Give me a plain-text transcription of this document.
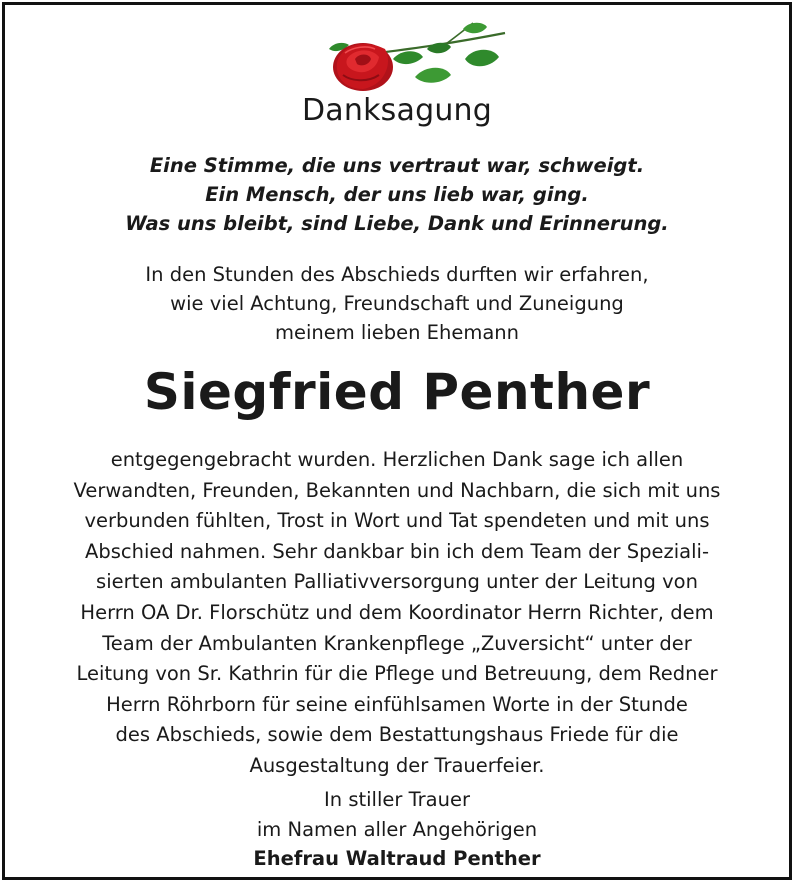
Danksagung
Eine Stimme, die uns vertraut war, schweigt.
Ein Mensch, der uns lieb war, ging.
Was uns bleibt, sind Liebe, Dank und Erinnerung.
In den Stunden des Abschieds durften wir erfahren,
wie viel Achtung, Freundschaft und Zuneigung
meinem lieben Ehemann
Siegfried Penther
entgegengebracht wurden. Herzlichen Dank sage ich allen
Verwandten, Freunden, Bekannten und Nachbarn, die sich mit uns
verbunden fühlten, Trost in Wort und Tat spendeten und mit uns
Abschied nahmen. Sehr dankbar bin ich dem Team der Speziali-
sierten ambulanten Palliativversorgung unter der Leitung von
Herrn OA Dr. Florschütz und dem Koordinator Herrn Richter, dem
Team der Ambulanten Krankenpflege „Zuversicht“ unter der
Leitung von Sr. Kathrin für die Pflege und Betreuung, dem Redner
Herrn Röhrborn für seine einfühlsamen Worte in der Stunde
des Abschieds, sowie dem Bestattungshaus Friede für die
Ausgestaltung der Trauerfeier.
In stiller Trauer
im Namen aller Angehörigen
Ehefrau Waltraud Penther
